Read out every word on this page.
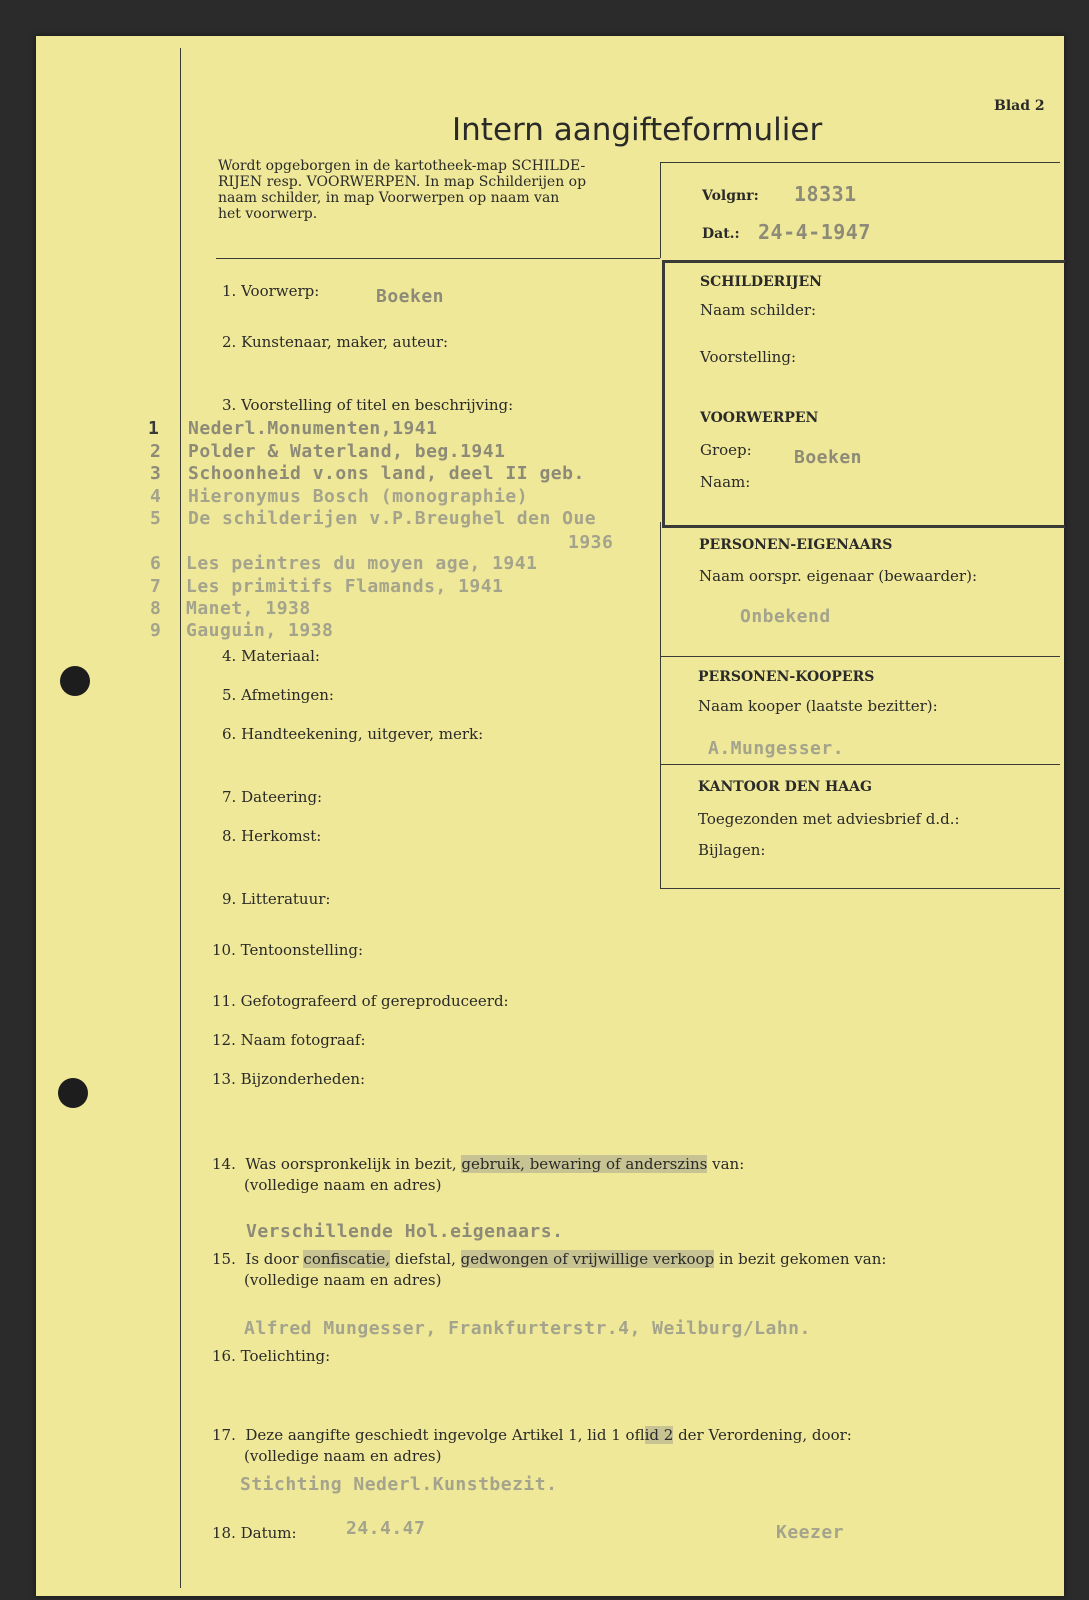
Blad 2
Intern aangifteformulier
Wordt opgeborgen in de kartotheek-map SCHILDE-
RIJEN resp. VOORWERPEN. In map Schilderijen op
naam schilder, in map Voorwerpen op naam van
het voorwerp.
Volgnr: 18331
Dat.: 24-4-1947
1. Voorwerp:	Boeken
2. Kunstenaar, maker, auteur:
3. Voorstelling of titel en beschrijving:
1 Nederl.Monumenten,1941
2 Polder & Waterland, beg.1941
3 Schoonheid v.ons land, deel II geb.
4 Hieronymus Bosch (monographie)
5 De schilderijen v.P.Breughel den Oue
1936
6 Les peintres du moyen age, 1941
7 Les primitifs Flamands, 1941
8 Manet, 1938
9 Gauguin, 1938
4. Materiaal:
5. Afmetingen:
6. Handteekening, uitgever, merk:
7. Dateering:
8. Herkomst:
9. Litteratuur:
10. Tentoonstelling:
11. Gefotografeerd of gereproduceerd:
12. Naam fotograaf:
13. Bijzonderheden:
14. Was oorspronkelijk in bezit, gebruik, bewaring of anderszins van:
(volledige naam en adres)
Verschillende Hol.eigenaars.
15. Is door confiscatie, diefstal, gedwongen of vrijwillige verkoop in bezit gekomen van:
(volledige naam en adres)
Alfred Mungesser, Frankfurterstr.4, Weilburg/Lahn.
16. Toelichting:
17. Deze aangifte geschiedt ingevolge Artikel 1, lid 1 oflid 2 der Verordening, door:
(volledige naam en adres)
Stichting Nederl.Kunstbezit.
18. Datum:	24.4.47	Keezer
SCHILDERIJEN
Naam schilder:
Voorstelling:
VOORWERPEN
Groep: Boeken
Naam:
PERSONEN-EIGENAARS
Naam oorspr. eigenaar (bewaarder):
Onbekend
PERSONEN-KOOPERS
Naam kooper (laatste bezitter):
A.Mungesser.
KANTOOR DEN HAAG
Toegezonden met adviesbrief d.d.:
Bijlagen:
